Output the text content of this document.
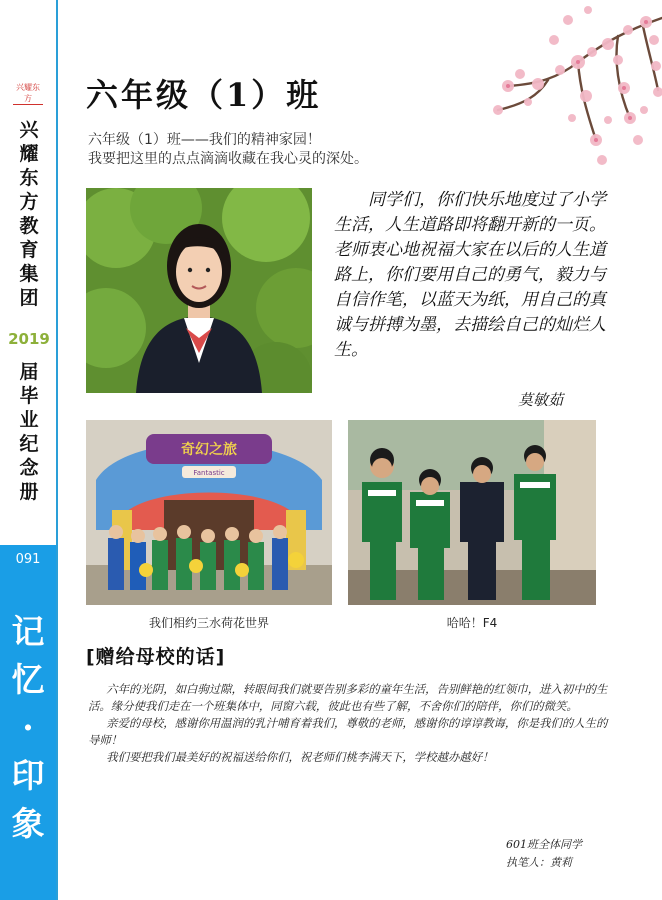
兴耀东方
兴耀东方教育集团
2019
届毕业纪念册
091
记忆·印象
六年级（1）班
六年级（1）班——我们的精神家园！
我要把这里的点点滴滴收藏在我心灵的深处。

同学们，你们快乐地度过了小学生活，人生道路即将翻开新的一页。老师衷心地祝福大家在以后的人生道路上，你们要用自己的勇气，毅力与自信作笔，以蓝天为纸，用自己的真诚与拼搏为墨，去描绘自己的灿烂人生。

莫敏茹
奇幻之旅
Fantastic
我们相约三水荷花世界	哈哈！F4
[赠给母校的话]

六年的光阴，如白驹过隙，转眼间我们就要告别多彩的童年生活，告别鲜艳的红领巾，进入初中的生活。缘分使我们走在一个班集体中，同窗六载，彼此也有些了解，不舍你们的陪伴，你们的微笑。

亲爱的母校，感谢你用温润的乳汁哺育着我们，尊敬的老师，感谢你的谆谆教诲，你是我们的人生的导师！

我们要把我们最美好的祝福送给你们，祝老师们桃李满天下，学校越办越好！

601班全体同学
执笔人：黄莉
